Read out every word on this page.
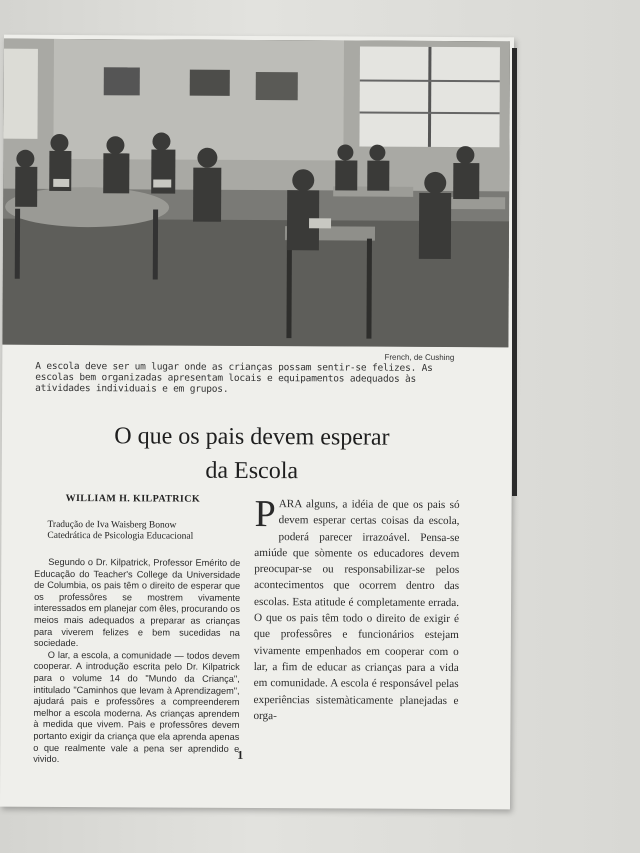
French, de Cushing
A escola deve ser um lugar onde as crianças possam sentir-se felizes. As escolas bem organizadas apresentam locais e equipamentos adequados às atividades individuais e em grupos.
O que os pais devem esperar
da Escola
WILLIAM H. KILPATRICK
Tradução de Iva Waisberg Bonow
Catedrática de Psicologia Educacional

Segundo o Dr. Kilpatrick, Professor Emérito de Educação do Teacher's College da Universidade de Columbia, os pais têm o direito de esperar que os professôres se mostrem vivamente interessados em planejar com êles, procurando os meios mais adequados a preparar as crianças para viverem felizes e bem sucedidas na sociedade.

O lar, a escola, a comunidade — todos devem cooperar. A introdução escrita pelo Dr. Kilpatrick para o volume 14 do "Mundo da Criança", intitulado "Caminhos que levam à Aprendizagem", ajudará pais e professôres a compreenderem melhor a escola moderna. As crianças aprendem à medida que vivem. Pais e professôres devem portanto exigir da criança que ela aprenda apenas o que realmente vale a pena ser aprendido e vivido.

PARA alguns, a idéia de que os pais só devem esperar certas coisas da escola, poderá parecer irrazoável. Pensa-se amiúde que sòmente os educadores devem preocupar-se ou responsabilizar-se pelos acontecimentos que ocorrem dentro das escolas. Esta atitude é completamente errada. O que os pais têm todo o direito de exigir é que professôres e funcionários estejam vivamente empenhados em cooperar com o lar, a fim de educar as crianças para a vida em comunidade. A escola é responsável pelas experiências sistemàticamente planejadas e orga-

1
